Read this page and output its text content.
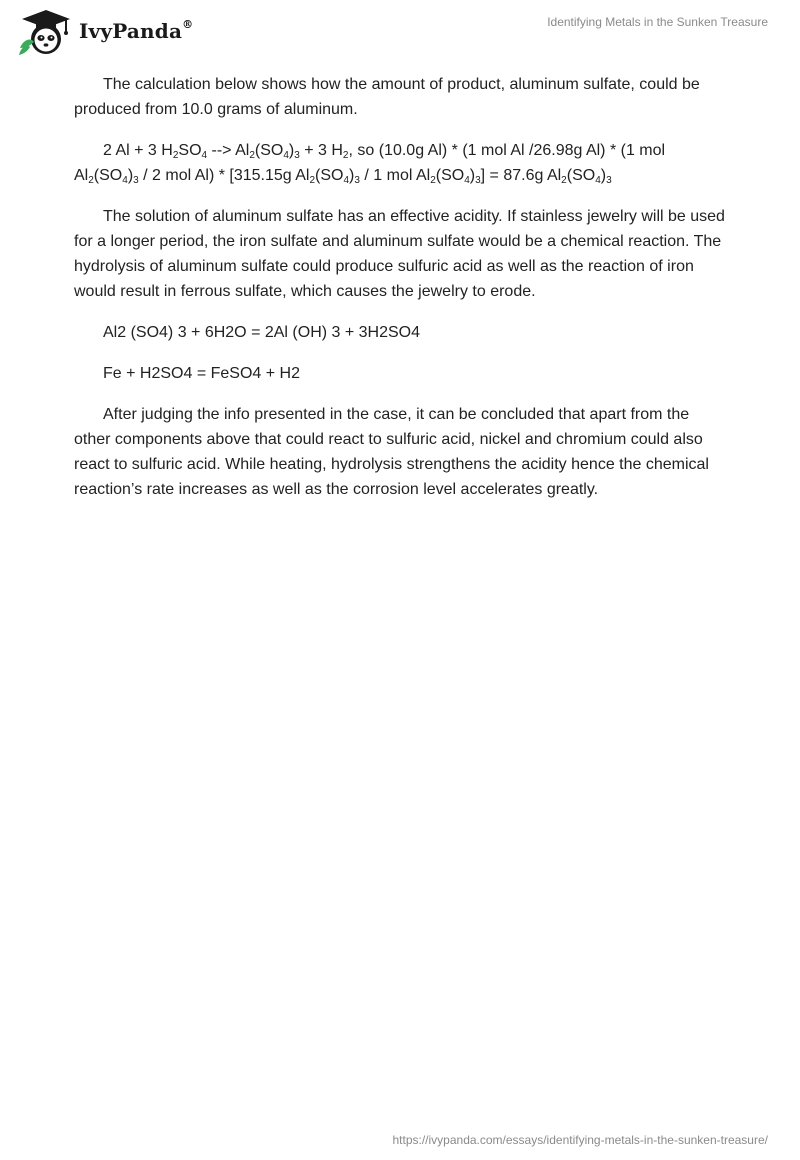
IvyPanda®	Identifying Metals in the Sunken Treasure

The calculation below shows how the amount of product, aluminum sulfate, could be produced from 10.0 grams of aluminum.

2 Al + 3 $H_2SO_4$ --> $Al_2(SO_4)_3 + 3$ $H_2$, so (10.0g Al) * (1 mol Al /26.98g Al) * (1 mol $Al_2(SO_4)_3 / 2$ mol Al) * [315.15g $Al_2(SO_4)_3 / 1$ mol $Al_2(SO_4)_3] = 87.6g$ $Al_2(SO_4)_3$

The solution of aluminum sulfate has an effective acidity. If stainless jewelry will be used for a longer period, the iron sulfate and aluminum sulfate would be a chemical reaction. The hydrolysis of aluminum sulfate could produce sulfuric acid as well as the reaction of iron would result in ferrous sulfate, which causes the jewelry to erode.

Al2 (SO4) 3 + 6H2O = 2Al (OH) 3 + 3H2SO4

Fe + H2SO4 = FeSO4 + H2

After judging the info presented in the case, it can be concluded that apart from the other components above that could react to sulfuric acid, nickel and chromium could also react to sulfuric acid. While heating, hydrolysis strengthens the acidity hence the chemical reaction’s rate increases as well as the corrosion level accelerates greatly.

https://ivypanda.com/essays/identifying-metals-in-the-sunken-treasure/
